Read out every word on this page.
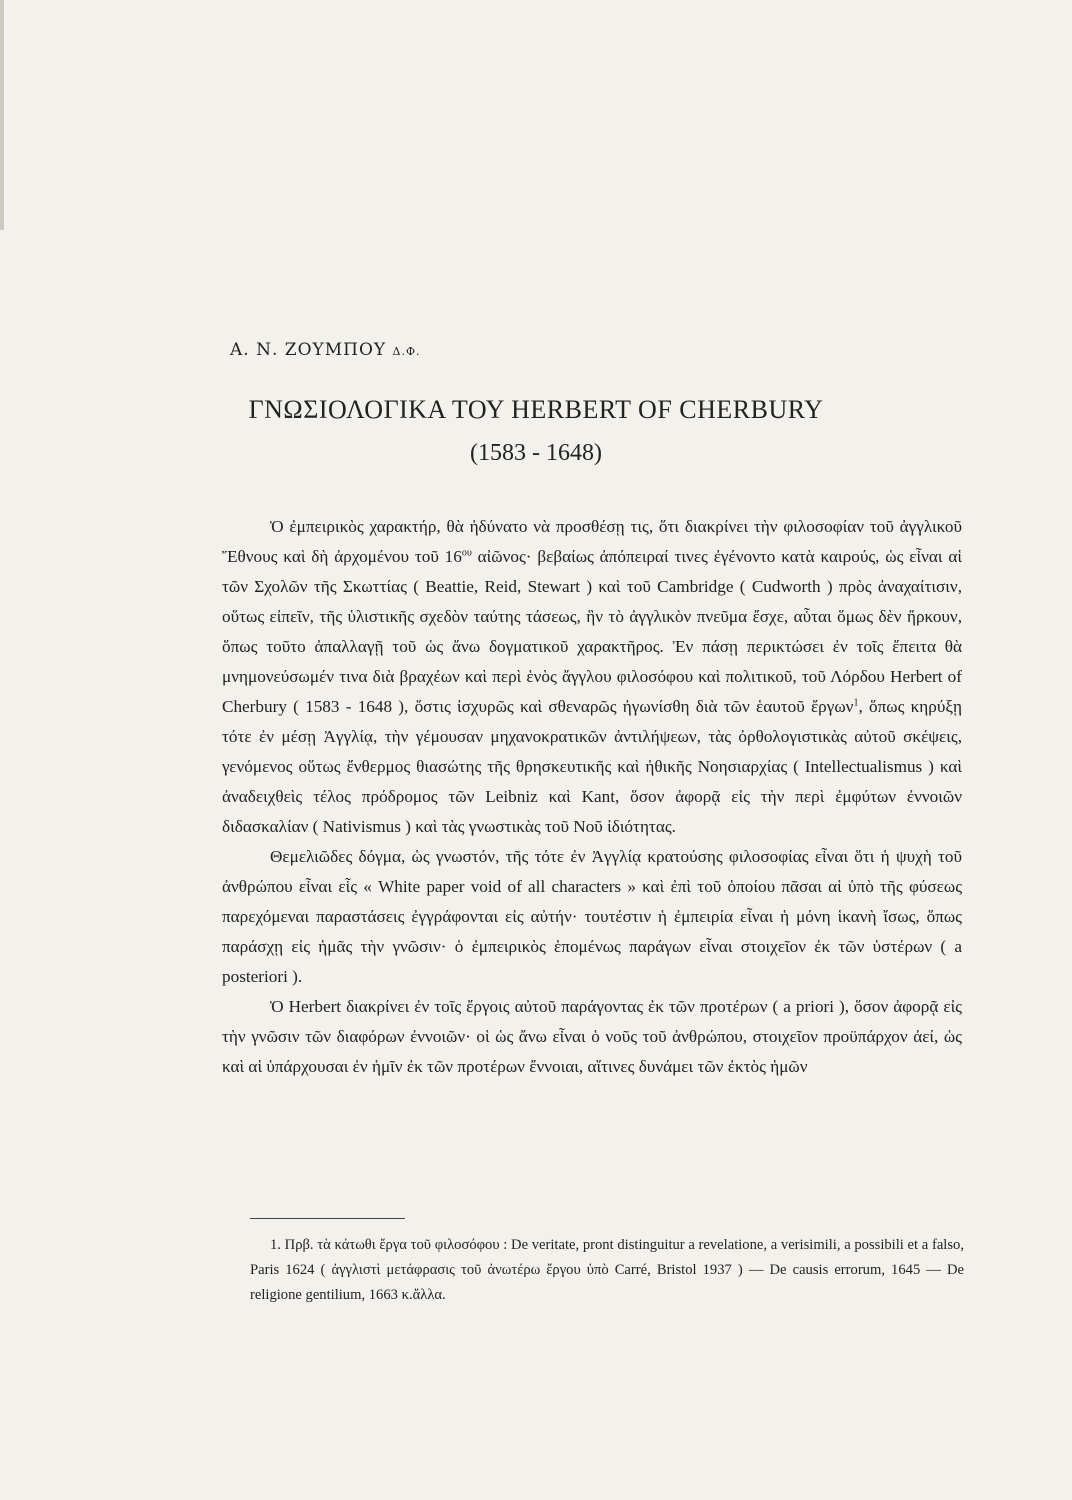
Α. Ν. ΖΟΥΜΠΟΥ Δ.Φ.
ΓΝΩΣΙΟΛΟΓΙΚΑ ΤΟΥ HERBERT OF CHERBURY
(1583 - 1648)

Ὁ ἐμπειρικὸς χαρακτήρ, θὰ ἠδύνατο νὰ προσθέσῃ τις, ὅτι διακρίνει τὴν φιλοσοφίαν τοῦ ἀγγλικοῦ Ἔθνους καὶ δὴ ἀρχομένου τοῦ $16^{o\upsilon}$ αἰῶνος· βεβαίως ἀπόπειραί τινες ἐγένοντο κατὰ καιρούς, ὡς εἶναι αἱ τῶν Σχολῶν τῆς Σκωττίας ( Beattie, Reid, Stewart ) καὶ τοῦ Cambridge ( Cudworth ) πρὸς ἀναχαίτισιν, οὕτως εἰπεῖν, τῆς ὑλιστικῆς σχεδὸν ταύτης τάσεως, ἣν τὸ ἀγγλικὸν πνεῦμα ἔσχε, αὗται ὅμως δὲν ἤρκουν, ὅπως τοῦτο ἀπαλλαγῇ τοῦ ὡς ἄνω δογματικοῦ χαρακτῆρος. Ἐν πάσῃ περικτώσει ἐν τοῖς ἔπειτα θὰ μνημονεύσωμέν τινα διὰ βραχέων καὶ περὶ ἑνὸς ἄγγλου φιλοσόφου καὶ πολιτικοῦ, τοῦ Λόρδου Herbert of Cherbury ( 1583 - 1648 ), ὅστις ἰσχυρῶς καὶ σθεναρῶς ἠγωνίσθη διὰ τῶν ἑαυτοῦ ἔργων$^1$, ὅπως κηρύξῃ τότε ἐν μέσῃ Ἀγγλίᾳ, τὴν γέμουσαν μηχανοκρατικῶν ἀντιλήψεων, τὰς ὀρθολογιστικὰς αὐτοῦ σκέψεις, γενόμενος οὕτως ἔνθερμος θιασώτης τῆς θρησκευτικῆς καὶ ἠθικῆς Νοησιαρχίας ( Intellectualismus ) καὶ ἀναδειχθεὶς τέλος πρόδρομος τῶν Leibniz καὶ Kant, ὅσον ἀφορᾷ εἰς τὴν περὶ ἐμφύτων ἐννοιῶν διδασκαλίαν ( Nativismus ) καὶ τὰς γνωστικὰς τοῦ Νοῦ ἰδιότητας.

Θεμελιῶδες δόγμα, ὡς γνωστόν, τῆς τότε ἐν Ἀγγλίᾳ κρατούσης φιλοσοφίας εἶναι ὅτι ἡ ψυχὴ τοῦ ἀνθρώπου εἶναι εἷς « White paper void of all characters » καὶ ἐπὶ τοῦ ὁποίου πᾶσαι αἱ ὑπὸ τῆς φύσεως παρεχόμεναι παραστάσεις ἐγγράφονται εἰς αὐτήν· τουτέστιν ἡ ἐμπειρία εἶναι ἡ μόνη ἱκανὴ ἴσως, ὅπως παράσχῃ εἰς ἡμᾶς τὴν γνῶσιν· ὁ ἐμπειρικὸς ἑπομένως παράγων εἶναι στοιχεῖον ἐκ τῶν ὑστέρων ( a posteriori ).

Ὁ Herbert διακρίνει ἐν τοῖς ἔργοις αὐτοῦ παράγοντας ἐκ τῶν προτέρων ( a priori ), ὅσον ἀφορᾷ εἰς τὴν γνῶσιν τῶν διαφόρων ἐννοιῶν· οἱ ὡς ἄνω εἶναι ὁ νοῦς τοῦ ἀνθρώπου, στοιχεῖον προϋπάρχον ἀεί, ὡς καὶ αἱ ὑπάρχουσαι ἐν ἡμῖν ἐκ τῶν προτέρων ἔννοιαι, αἵτινες δυνάμει τῶν ἐκτὸς ἡμῶν

1. Πρβ. τὰ κάτωθι ἔργα τοῦ φιλοσόφου : De veritate, pront distinguitur a revelatione, a verisimili, a possibili et a falso, Paris 1624 ( ἀγγλιστὶ μετάφρασις τοῦ ἀνωτέρω ἔργου ὑπὸ Carré, Bristol 1937 ) — De causis errorum, 1645 — De religione gentilium, 1663 κ.ἄλλα.
